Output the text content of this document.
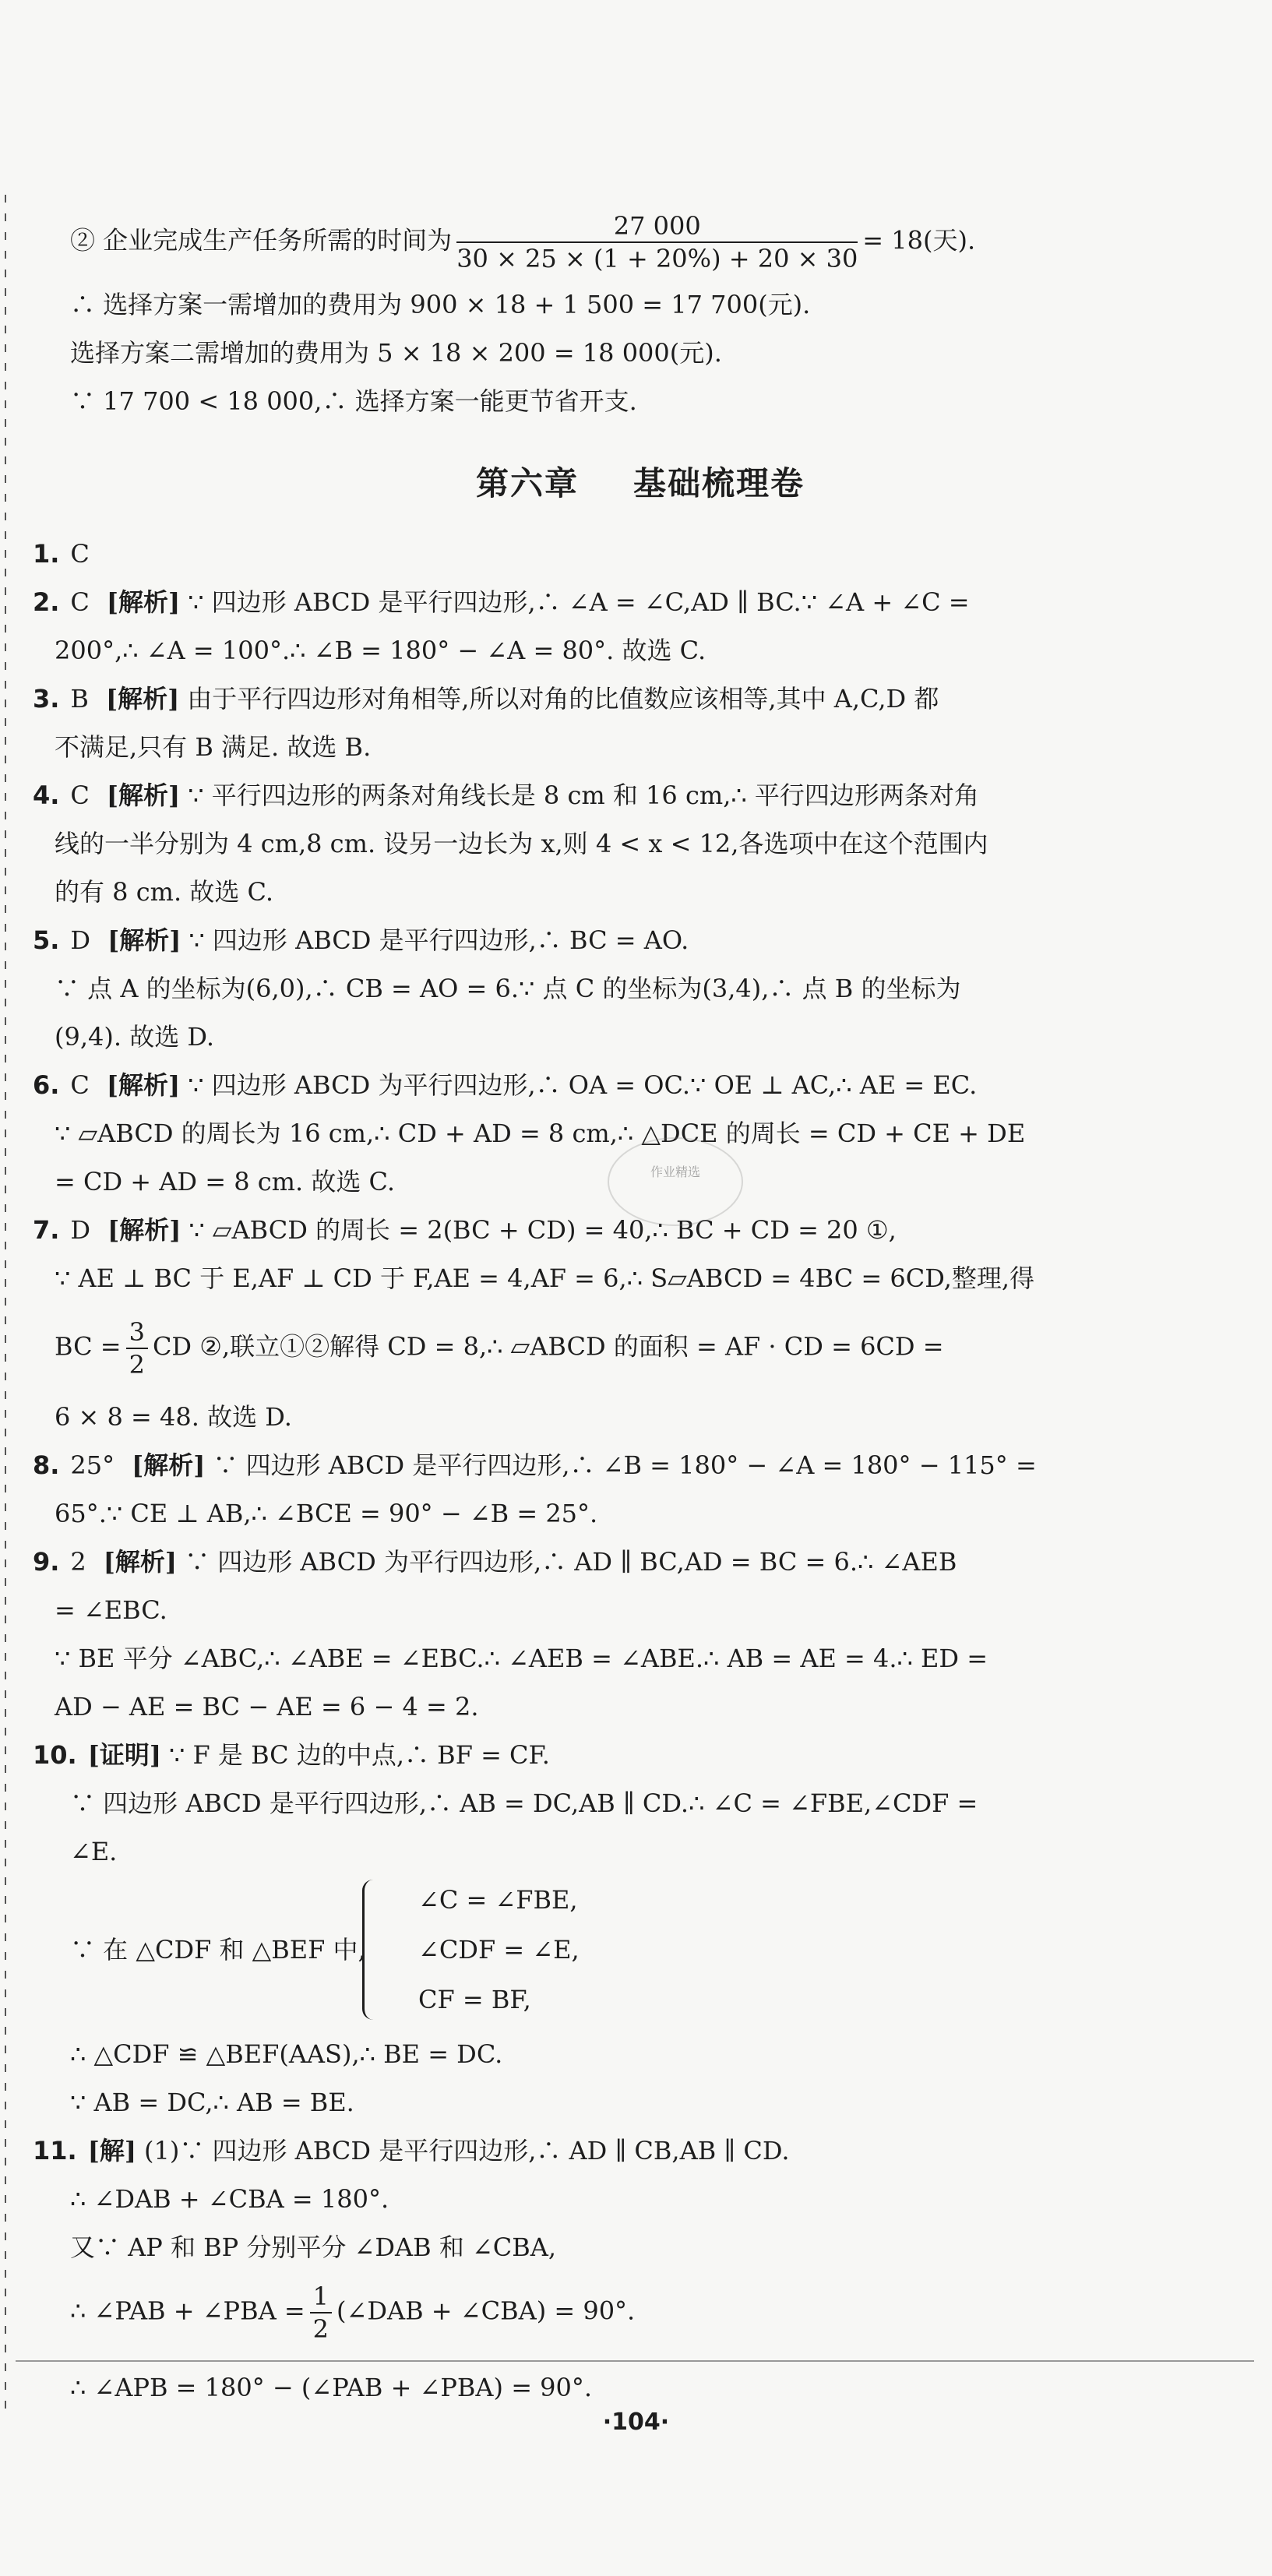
② 企业完成生产任务所需的时间为 $\frac{27 000}{30 \times 25 \times (1 + 20\%) + 20 \times 30} = 18$(天).
∴ 选择方案一需增加的费用为 900 × 18 + 1 500 = 17 700(元).
选择方案二需增加的费用为 5 × 18 × 200 = 18 000(元).
∵ 17 700 < 18 000,∴ 选择方案一能更节省开支.
第六章 基础梳理卷
1. C
2. C [解析] ∵ 四边形 ABCD 是平行四边形,∴ ∠A = ∠C,AD ∥ BC.∵ ∠A + ∠C =
200°,∴ ∠A = 100°.∴ ∠B = 180° − ∠A = 80°. 故选 C.
3. B [解析] 由于平行四边形对角相等,所以对角的比值数应该相等,其中 A,C,D 都
不满足,只有 B 满足. 故选 B.
4. C [解析] ∵ 平行四边形的两条对角线长是 8 cm 和 16 cm,∴ 平行四边形两条对角
线的一半分别为 4 cm,8 cm. 设另一边长为 x,则 4 < x < 12,各选项中在这个范围内
的有 8 cm. 故选 C.
5. D [解析] ∵ 四边形 ABCD 是平行四边形,∴ BC = AO.
∵ 点 A 的坐标为(6,0),∴ CB = AO = 6.∵ 点 C 的坐标为(3,4),∴ 点 B 的坐标为
(9,4). 故选 D.
6. C [解析] ∵ 四边形 ABCD 为平行四边形,∴ OA = OC.∵ OE ⊥ AC,∴ AE = EC.
∵ ▱ABCD 的周长为 16 cm,∴ CD + AD = 8 cm,∴ △DCE 的周长 = CD + CE + DE
= CD + AD = 8 cm. 故选 C.
7. D [解析] ∵ ▱ABCD 的周长 = 2(BC + CD) = 40,∴ BC + CD = 20 ①,
∵ AE ⊥ BC 于 E,AF ⊥ CD 于 F,AE = 4,AF = 6,∴ S▱ABCD = 4BC = 6CD,整理,得
BC = $\frac{3}{2}$ CD ②,联立①②解得 CD = 8,∴ ▱ABCD 的面积 = AF · CD = 6CD =
6 × 8 = 48. 故选 D.
8. 25° [解析] ∵ 四边形 ABCD 是平行四边形,∴ ∠B = 180° − ∠A = 180° − 115° =
65°.∵ CE ⊥ AB,∴ ∠BCE = 90° − ∠B = 25°.
9. 2 [解析] ∵ 四边形 ABCD 为平行四边形,∴ AD ∥ BC,AD = BC = 6.∴ ∠AEB
= ∠EBC.
∵ BE 平分 ∠ABC,∴ ∠ABE = ∠EBC.∴ ∠AEB = ∠ABE.∴ AB = AE = 4.∴ ED =
AD − AE = BC − AE = 6 − 4 = 2.
10. [证明] ∵ F 是 BC 边的中点,∴ BF = CF.
∵ 四边形 ABCD 是平行四边形,∴ AB = DC,AB ∥ CD.∴ ∠C = ∠FBE,∠CDF =
∠E.
∵ 在 △CDF 和 △BEF 中,
∠C = ∠FBE,
∠CDF = ∠E,
CF = BF,
∴ △CDF ≌ △BEF(AAS),∴ BE = DC.
∵ AB = DC,∴ AB = BE.
11. [解] (1)∵ 四边形 ABCD 是平行四边形,∴ AD ∥ CB,AB ∥ CD.
∴ ∠DAB + ∠CBA = 180°.
又∵ AP 和 BP 分别平分 ∠DAB 和 ∠CBA,
∴ ∠PAB + ∠PBA = $\frac{1}{2}$ (∠DAB + ∠CBA) = 90°.
∴ ∠APB = 180° − (∠PAB + ∠PBA) = 90°.
作业精选
·104·
